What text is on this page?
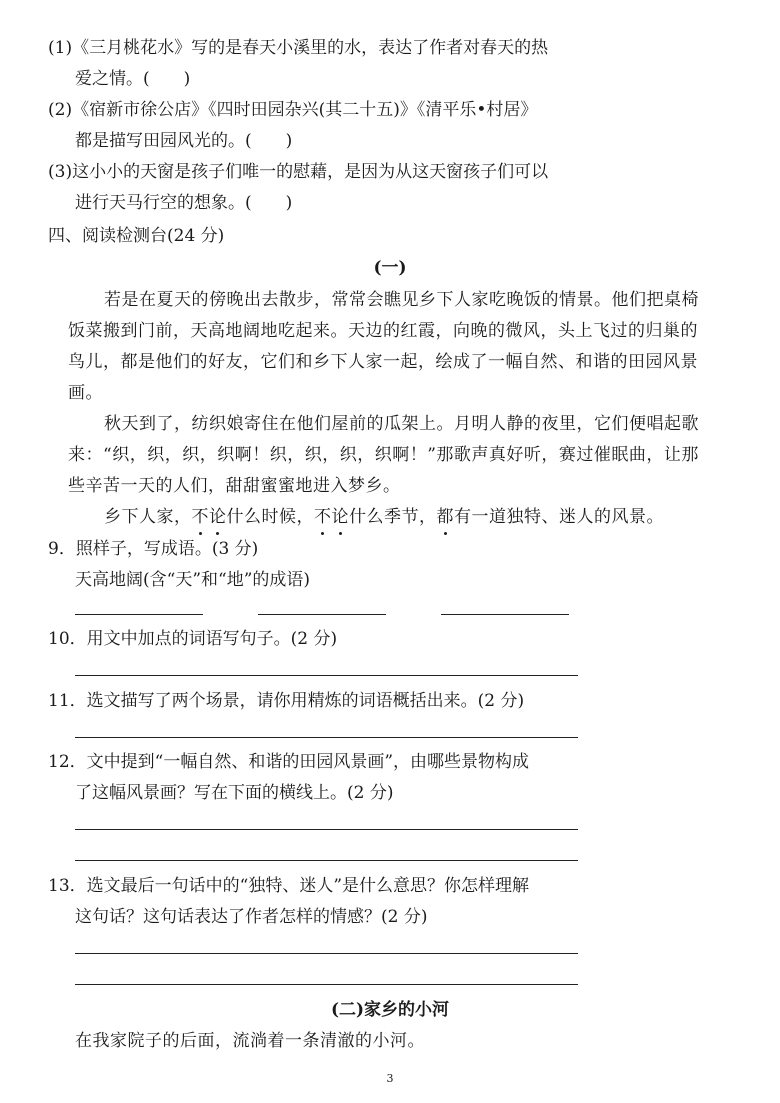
(1)《三月桃花水》写的是春天小溪里的水，表达了作者对春天的热
爱之情。(　　)
(2)《宿新市徐公店》《四时田园杂兴(其二十五)》《清平乐•村居》
都是描写田园风光的。(　　)
(3)这小小的天窗是孩子们唯一的慰藉，是因为从这天窗孩子们可以
进行天马行空的想象。(　　)
四、阅读检测台(24 分)
(一)
若是在夏天的傍晚出去散步，常常会瞧见乡下人家吃晚饭的情景。他们把桌椅
饭菜搬到门前，天高地阔地吃起来。天边的红霞，向晚的微风，头上飞过的归巢的
鸟儿，都是他们的好友，它们和乡下人家一起，绘成了一幅自然、和谐的田园风景
画。
秋天到了，纺织娘寄住在他们屋前的瓜架上。月明人静的夜里，它们便唱起歌
来：“织，织，织，织啊！织，织，织，织啊！”那歌声真好听，赛过催眠曲，让那
些辛苦一天的人们，甜甜蜜蜜地进入梦乡。
乡下人家，不论什么时候，不论什么季节，都有一道独特、迷人的风景。
9．照样子，写成语。(3 分)
天高地阔(含“天”和“地”的成语)
10．用文中加点的词语写句子。(2 分)
11．选文描写了两个场景，请你用精炼的词语概括出来。(2 分)
12．文中提到“一幅自然、和谐的田园风景画”，由哪些景物构成
了这幅风景画？写在下面的横线上。(2 分)
13．选文最后一句话中的“独特、迷人”是什么意思？你怎样理解
这句话？这句话表达了作者怎样的情感？(2 分)
(二)家乡的小河
在我家院子的后面，流淌着一条清澈的小河。
3
